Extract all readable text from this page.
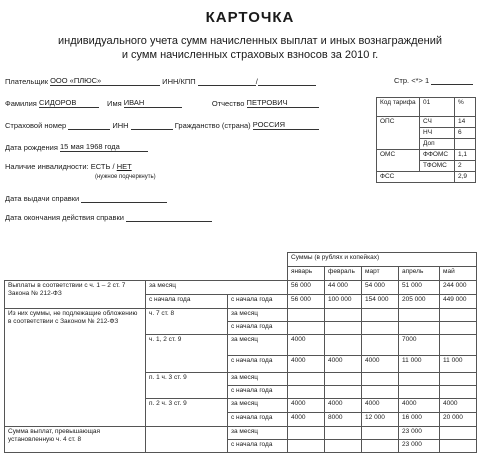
КАРТОЧКА
индивидуального учета сумм начисленных выплат и иных вознаграждений
и сумм начисленных страховых взносов за 2010 г.
Плательщик ООО «ПЛЮС»	ИНН/КПП	/	Стр. <*> 1
Фамилия СИДОРОВ	Имя ИВАН	Отчество ПЕТРОВИЧ
Страховой номер	ИНН	Гражданство (страна) РОССИЯ
Дата рождения 15 мая 1968 года
Наличие инвалидности: ЕСТЬ / НЕТ
(нужное подчеркнуть)
Дата выдачи справки
Дата окончания действия справки
Код тарифа	01	%
ОПС	СЧ	14
	НЧ	6
	Доп	
ОМС	ФФОМС	1,1
	ТФОМС	2
ФСС		2,9
			Суммы (в рублях и копейках)				
			январь	февраль	март	апрель	май
Выплаты в соответствии с ч. 1 – 2 ст. 7 Закона № 212-ФЗ	за месяц		56 000	44 000	54 000	51 000	244 000
	с начала года	с начала года	56 000	100 000	154 000	205 000	449 000
Из них суммы, не подлежащие обложению в соответствии с Законом № 212-ФЗ	ч. 7 ст. 8	за месяц					
		с начала года					
	ч. 1, 2 ст. 9	за месяц	4000			7000	
		с начала года	4000	4000	4000	11 000	11 000
	п. 1 ч. 3 ст. 9	за месяц					
		с начала года					
	п. 2 ч. 3 ст. 9	за месяц	4000	4000	4000	4000	4000
		с начала года	4000	8000	12 000	16 000	20 000
Сумма выплат, превышающая установленную ч. 4 ст. 8		за месяц				23 000	
		с начала года				23 000	
